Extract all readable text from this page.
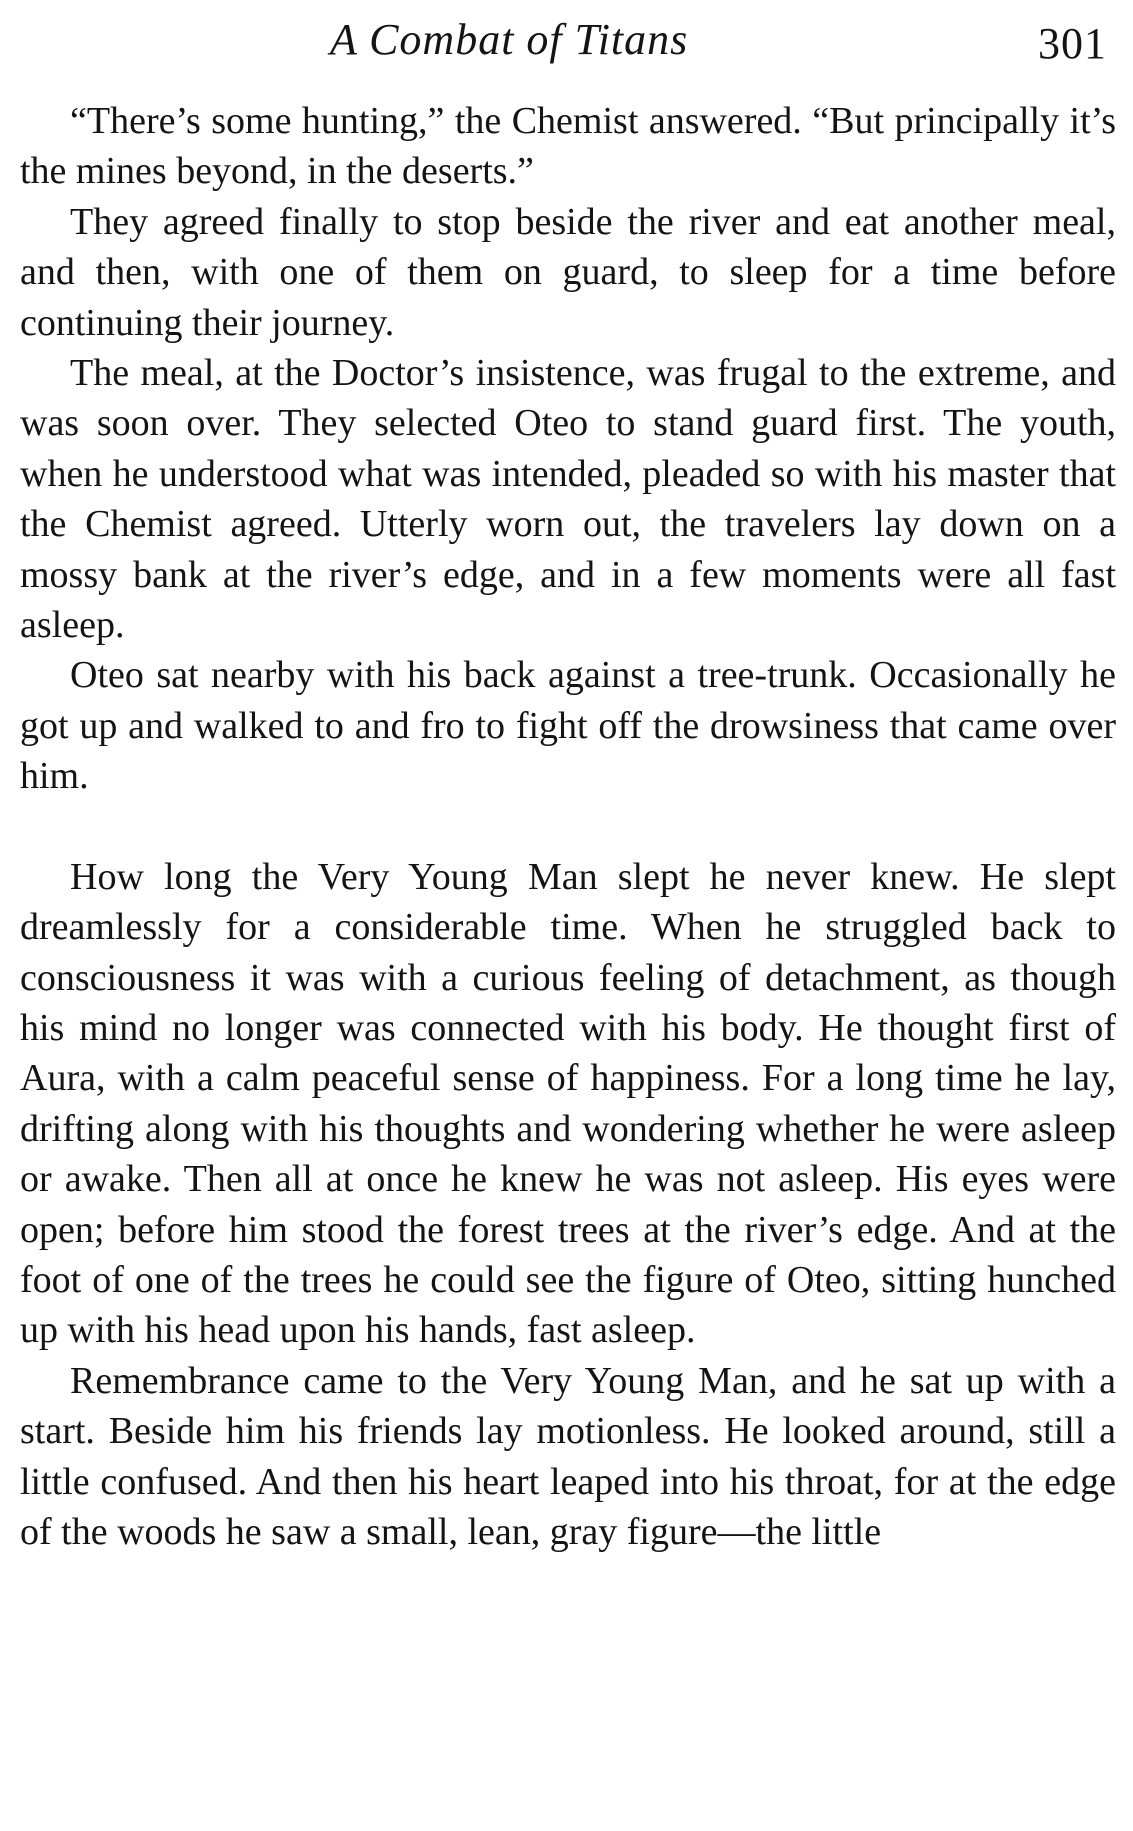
A Combat of Titans	301

“There’s some hunting,” the Chemist answered. “But principally it’s the mines beyond, in the deserts.”

They agreed finally to stop beside the river and eat another meal, and then, with one of them on guard, to sleep for a time before continuing their journey.

The meal, at the Doctor’s insistence, was frugal to the extreme, and was soon over. They selected Oteo to stand guard first. The youth, when he understood what was intended, pleaded so with his master that the Chemist agreed. Utterly worn out, the travelers lay down on a mossy bank at the river’s edge, and in a few moments were all fast asleep.

Oteo sat nearby with his back against a tree-trunk. Occasionally he got up and walked to and fro to fight off the drowsiness that came over him.

How long the Very Young Man slept he never knew. He slept dreamlessly for a considerable time. When he struggled back to consciousness it was with a curious feeling of detachment, as though his mind no longer was connected with his body. He thought first of Aura, with a calm peaceful sense of happiness. For a long time he lay, drifting along with his thoughts and wondering whether he were asleep or awake. Then all at once he knew he was not asleep. His eyes were open; before him stood the forest trees at the river’s edge. And at the foot of one of the trees he could see the figure of Oteo, sitting hunched up with his head upon his hands, fast asleep.

Remembrance came to the Very Young Man, and he sat up with a start. Beside him his friends lay motionless. He looked around, still a little confused. And then his heart leaped into his throat, for at the edge of the woods he saw a small, lean, gray figure—the little
